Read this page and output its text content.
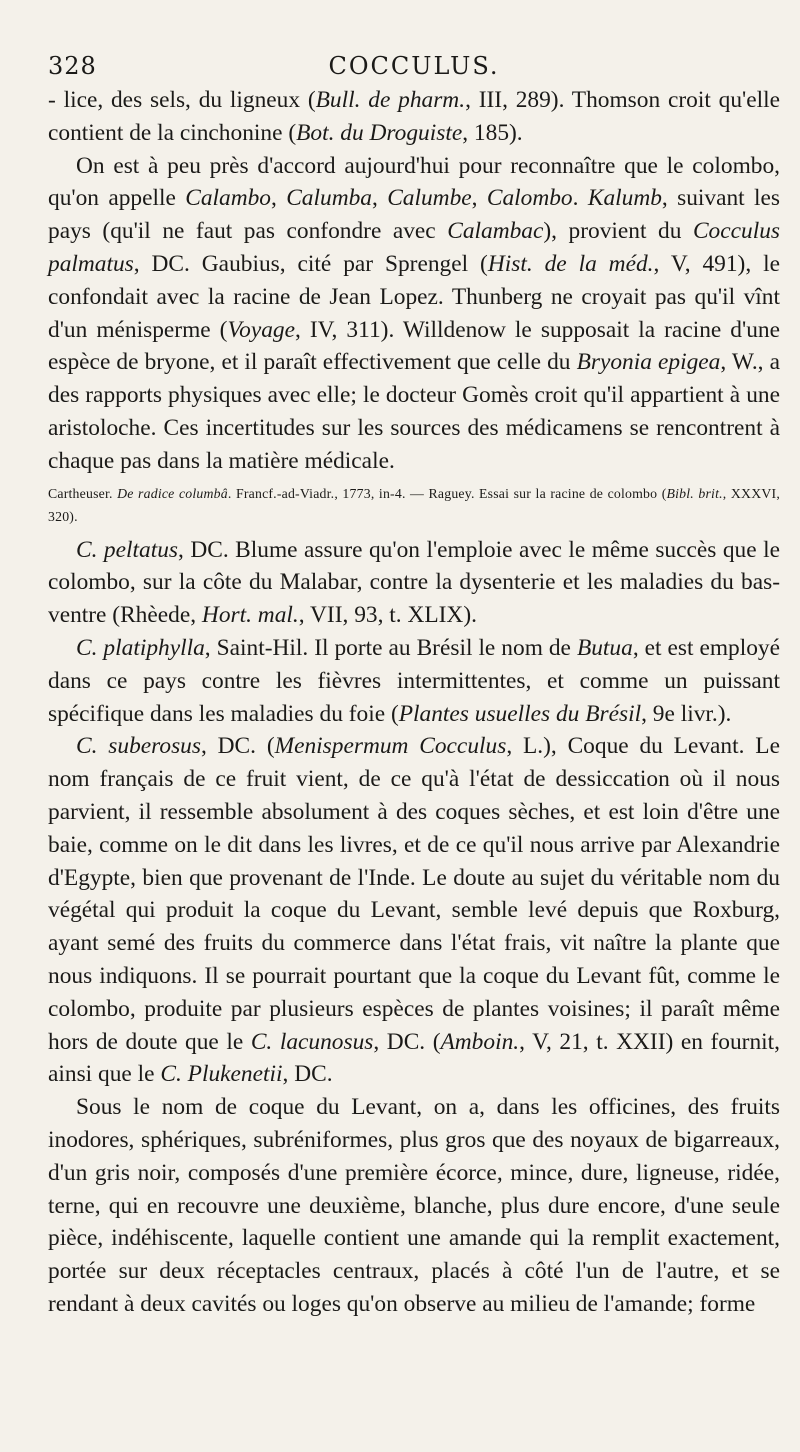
328	COCCULUS.

- lice, des sels, du ligneux (Bull. de pharm., III, 289). Thomson croit qu'elle contient de la cinchonine (Bot. du Droguiste, 185).

On est à peu près d'accord aujourd'hui pour reconnaître que le colombo, qu'on appelle Calambo, Calumba, Calumbe, Calombo. Kalumb, suivant les pays (qu'il ne faut pas confondre avec Calambac), provient du Cocculus palmatus, DC. Gaubius, cité par Sprengel (Hist. de la méd., V, 491), le confondait avec la racine de Jean Lopez. Thunberg ne croyait pas qu'il vînt d'un ménisperme (Voyage, IV, 311). Willdenow le supposait la racine d'une espèce de bryone, et il paraît effectivement que celle du Bryonia epigea, W., a des rapports physiques avec elle; le docteur Gomès croit qu'il appartient à une aristoloche. Ces incertitudes sur les sources des médicamens se rencontrent à chaque pas dans la matière médicale.

Cartheuser. De radice columbâ. Francf.-ad-Viadr., 1773, in-4. — Raguey. Essai sur la racine de colombo (Bibl. brit., XXXVI, 320).

C. peltatus, DC. Blume assure qu'on l'emploie avec le même succès que le colombo, sur la côte du Malabar, contre la dysenterie et les maladies du bas-ventre (Rhèede, Hort. mal., VII, 93, t. XLIX).

C. platiphylla, Saint-Hil. Il porte au Brésil le nom de Butua, et est employé dans ce pays contre les fièvres intermittentes, et comme un puissant spécifique dans les maladies du foie (Plantes usuelles du Brésil, 9e livr.).

C. suberosus, DC. (Menispermum Cocculus, L.), Coque du Levant. Le nom français de ce fruit vient, de ce qu'à l'état de dessiccation où il nous parvient, il ressemble absolument à des coques sèches, et est loin d'être une baie, comme on le dit dans les livres, et de ce qu'il nous arrive par Alexandrie d'Egypte, bien que provenant de l'Inde. Le doute au sujet du véritable nom du végétal qui produit la coque du Levant, semble levé depuis que Roxburg, ayant semé des fruits du commerce dans l'état frais, vit naître la plante que nous indiquons. Il se pourrait pourtant que la coque du Levant fût, comme le colombo, produite par plusieurs espèces de plantes voisines; il paraît même hors de doute que le C. lacunosus, DC. (Amboin., V, 21, t. XXII) en fournit, ainsi que le C. Plukenetii, DC.

Sous le nom de coque du Levant, on a, dans les officines, des fruits inodores, sphériques, subréniformes, plus gros que des noyaux de bigarreaux, d'un gris noir, composés d'une première écorce, mince, dure, ligneuse, ridée, terne, qui en recouvre une deuxième, blanche, plus dure encore, d'une seule pièce, indéhiscente, laquelle contient une amande qui la remplit exactement, portée sur deux réceptacles centraux, placés à côté l'un de l'autre, et se rendant à deux cavités ou loges qu'on observe au milieu de l'amande; forme
